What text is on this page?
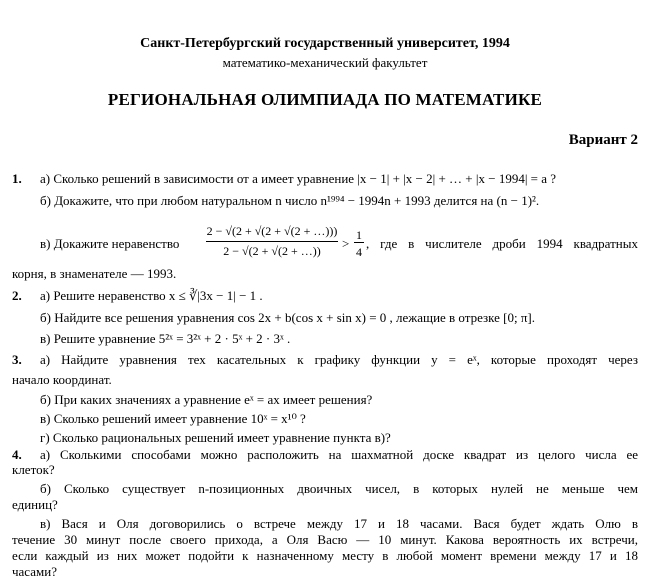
Санкт-Петербургский государственный университет, 1994
математико-механический факультет
РЕГИОНАЛЬНАЯ ОЛИМПИАДА ПО МАТЕМАТИКЕ
Вариант 2
1. а) Сколько решений в зависимости от a имеет уравнение |x − 1| + |x − 2| + … + |x − 1994| = a ?
б) Докажите, что при любом натуральном n число n¹⁹⁹⁴ − 1994n + 1993 делится на (n − 1)².
в) Докажите неравенство
2 − √(2 + √(2 + √(2 + …)))
2 − √(2 + √(2 + …))	>
1
4
, где в числителе дроби 1994 квадратных
корня, в знаменателе — 1993.
2. а) Решите неравенство x ≤ ∛|3x − 1| − 1 .
б) Найдите все решения уравнения cos 2x + b(cos x + sin x) = 0 , лежащие в отрезке [0; π].
в) Решите уравнение 5²ˣ = 3²ˣ + 2 · 5ˣ + 2 · 3ˣ .
3. а) Найдите уравнения тех касательных к графику функции y = eˣ, которые проходят через
начало координат.
б) При каких значениях a уравнение eˣ = ax имеет решения?
в) Сколько решений имеет уравнение 10ˣ = x¹⁰ ?
г) Сколько рациональных решений имеет уравнение пункта в)?
4. а) Сколькими способами можно расположить на шахматной доске квадрат из целого числа ее
клеток?
б) Сколько существует n-позиционных двоичных чисел, в которых нулей не меньше чем
единиц?
в) Вася и Оля договорились о встрече между 17 и 18 часами. Вася будет ждать Олю в
течение 30 минут после своего прихода, а Оля Васю — 10 минут. Какова вероятность их встречи,
если каждый из них может подойти к назначенному месту в любой момент времени между 17 и 18
часами?
